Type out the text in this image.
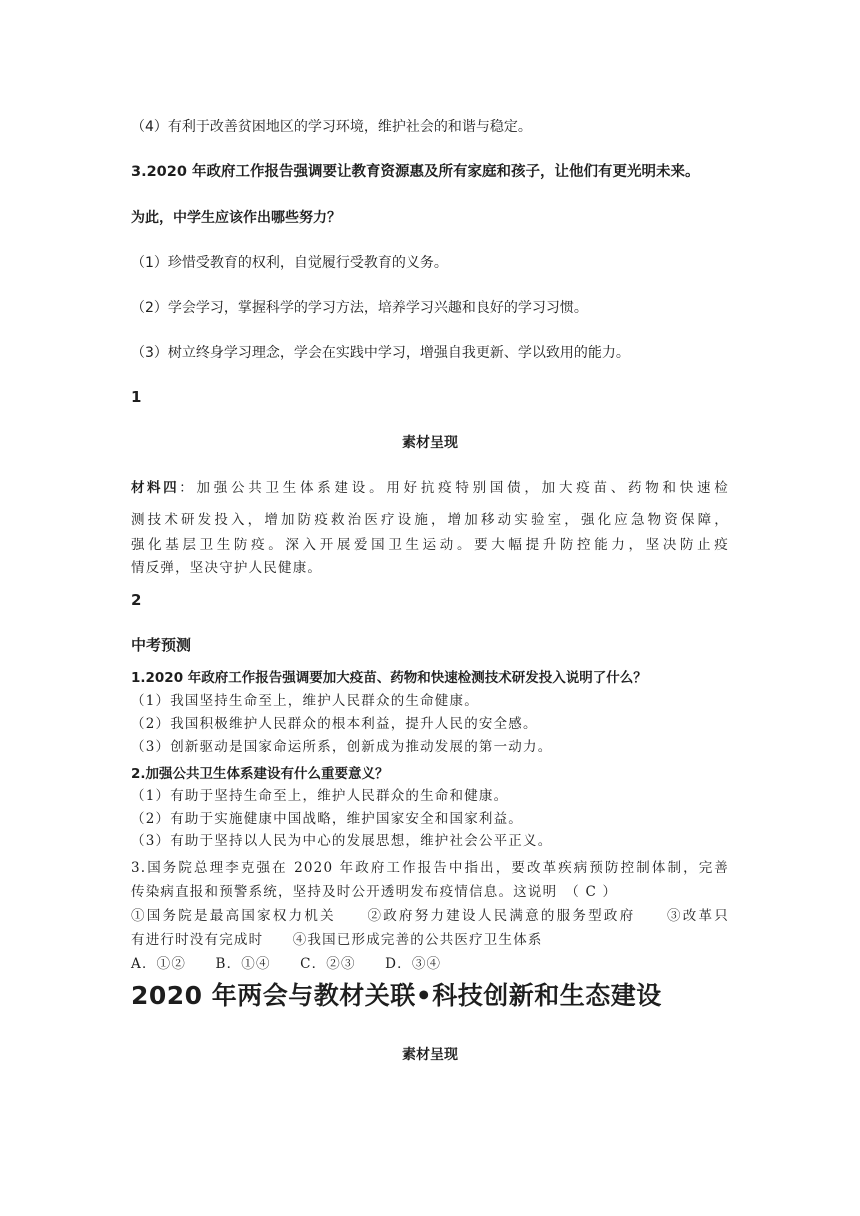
（4）有利于改善贫困地区的学习环境，维护社会的和谐与稳定。
3.2020 年政府工作报告强调要让教育资源惠及所有家庭和孩子，让他们有更光明未来。
为此，中学生应该作出哪些努力？
（1）珍惜受教育的权利，自觉履行受教育的义务。
（2）学会学习，掌握科学的学习方法，培养学习兴趣和良好的学习习惯。
（3）树立终身学习理念，学会在实践中学习，增强自我更新、学以致用的能力。
1
素材呈现
材料四：加强公共卫生体系建设。用好抗疫特别国债，加大疫苗、药物和快速检
测技术研发投入，增加防疫救治医疗设施，增加移动实验室，强化应急物资保障，
强化基层卫生防疫。深入开展爱国卫生运动。要大幅提升防控能力，坚决防止疫
情反弹，坚决守护人民健康。
2
中考预测
1.2020 年政府工作报告强调要加大疫苗、药物和快速检测技术研发投入说明了什么？
（1）我国坚持生命至上，维护人民群众的生命健康。
（2）我国积极维护人民群众的根本利益，提升人民的安全感。
（3）创新驱动是国家命运所系，创新成为推动发展的第一动力。
2.加强公共卫生体系建设有什么重要意义？
（1）有助于坚持生命至上，维护人民群众的生命和健康。
（2）有助于实施健康中国战略，维护国家安全和国家利益。
（3）有助于坚持以人民为中心的发展思想，维护社会公平正义。
3.国务院总理李克强在 2020 年政府工作报告中指出，要改革疾病预防控制体制，完善
传染病直报和预警系统，坚持及时公开透明发布疫情信息。这说明　（ C ）
①国务院是最高国家权力机关　　②政府努力建设人民满意的服务型政府　　③改革只
有进行时没有完成时　　④我国已形成完善的公共医疗卫生体系
A．①②　　B．①④　　C．②③　　D．③④
2020 年两会与教材关联•科技创新和生态建设
素材呈现
